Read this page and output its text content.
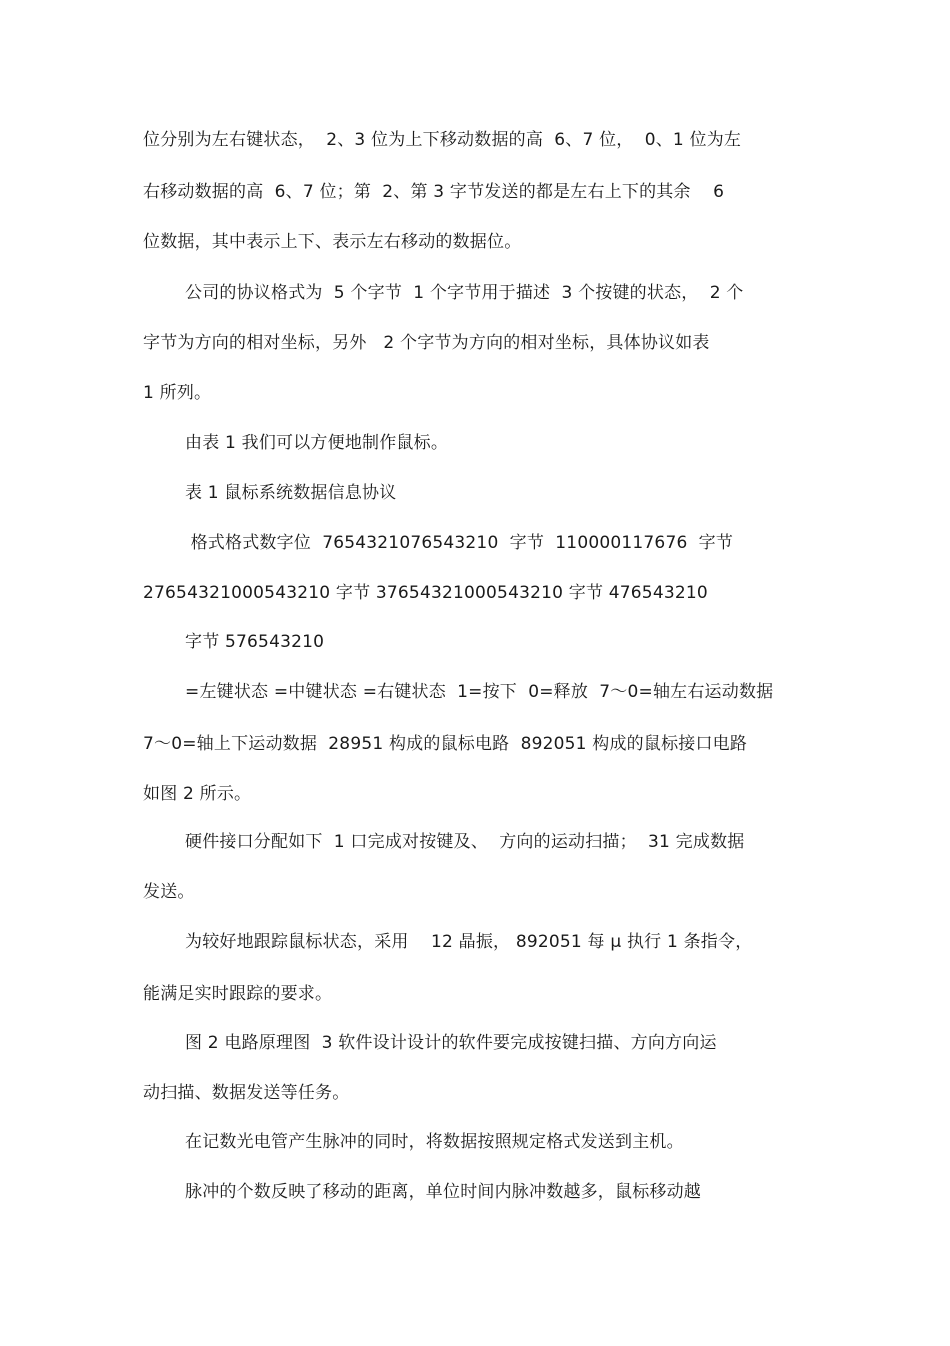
位分别为左右键状态，  2、3 位为上下移动数据的高  6、7 位，  0、1 位为左
右移动数据的高  6、7 位；第  2、第 3 字节发送的都是左右上下的其余    6
位数据，其中表示上下、表示左右移动的数据位。
公司的协议格式为  5 个字节  1 个字节用于描述  3 个按键的状态，  2 个
字节为方向的相对坐标，另外   2 个字节为方向的相对坐标，具体协议如表
1 所列。
由表 1 我们可以方便地制作鼠标。
表 1 鼠标系统数据信息协议
格式格式数字位  7654321076543210  字节  110000117676  字节
27654321000543210 字节 37654321000543210 字节 476543210
字节 576543210
=左键状态 =中键状态 =右键状态  1=按下  0=释放  7～0=轴左右运动数据
7～0=轴上下运动数据  28951 构成的鼠标电路  892051 构成的鼠标接口电路
如图 2 所示。
硬件接口分配如下  1 口完成对按键及、  方向的运动扫描；  31 完成数据
发送。
为较好地跟踪鼠标状态，采用    12 晶振， 892051 每 μ 执行 1 条指令，
能满足实时跟踪的要求。
图 2 电路原理图  3 软件设计设计的软件要完成按键扫描、方向方向运
动扫描、数据发送等任务。
在记数光电管产生脉冲的同时，将数据按照规定格式发送到主机。
脉冲的个数反映了移动的距离，单位时间内脉冲数越多，鼠标移动越
